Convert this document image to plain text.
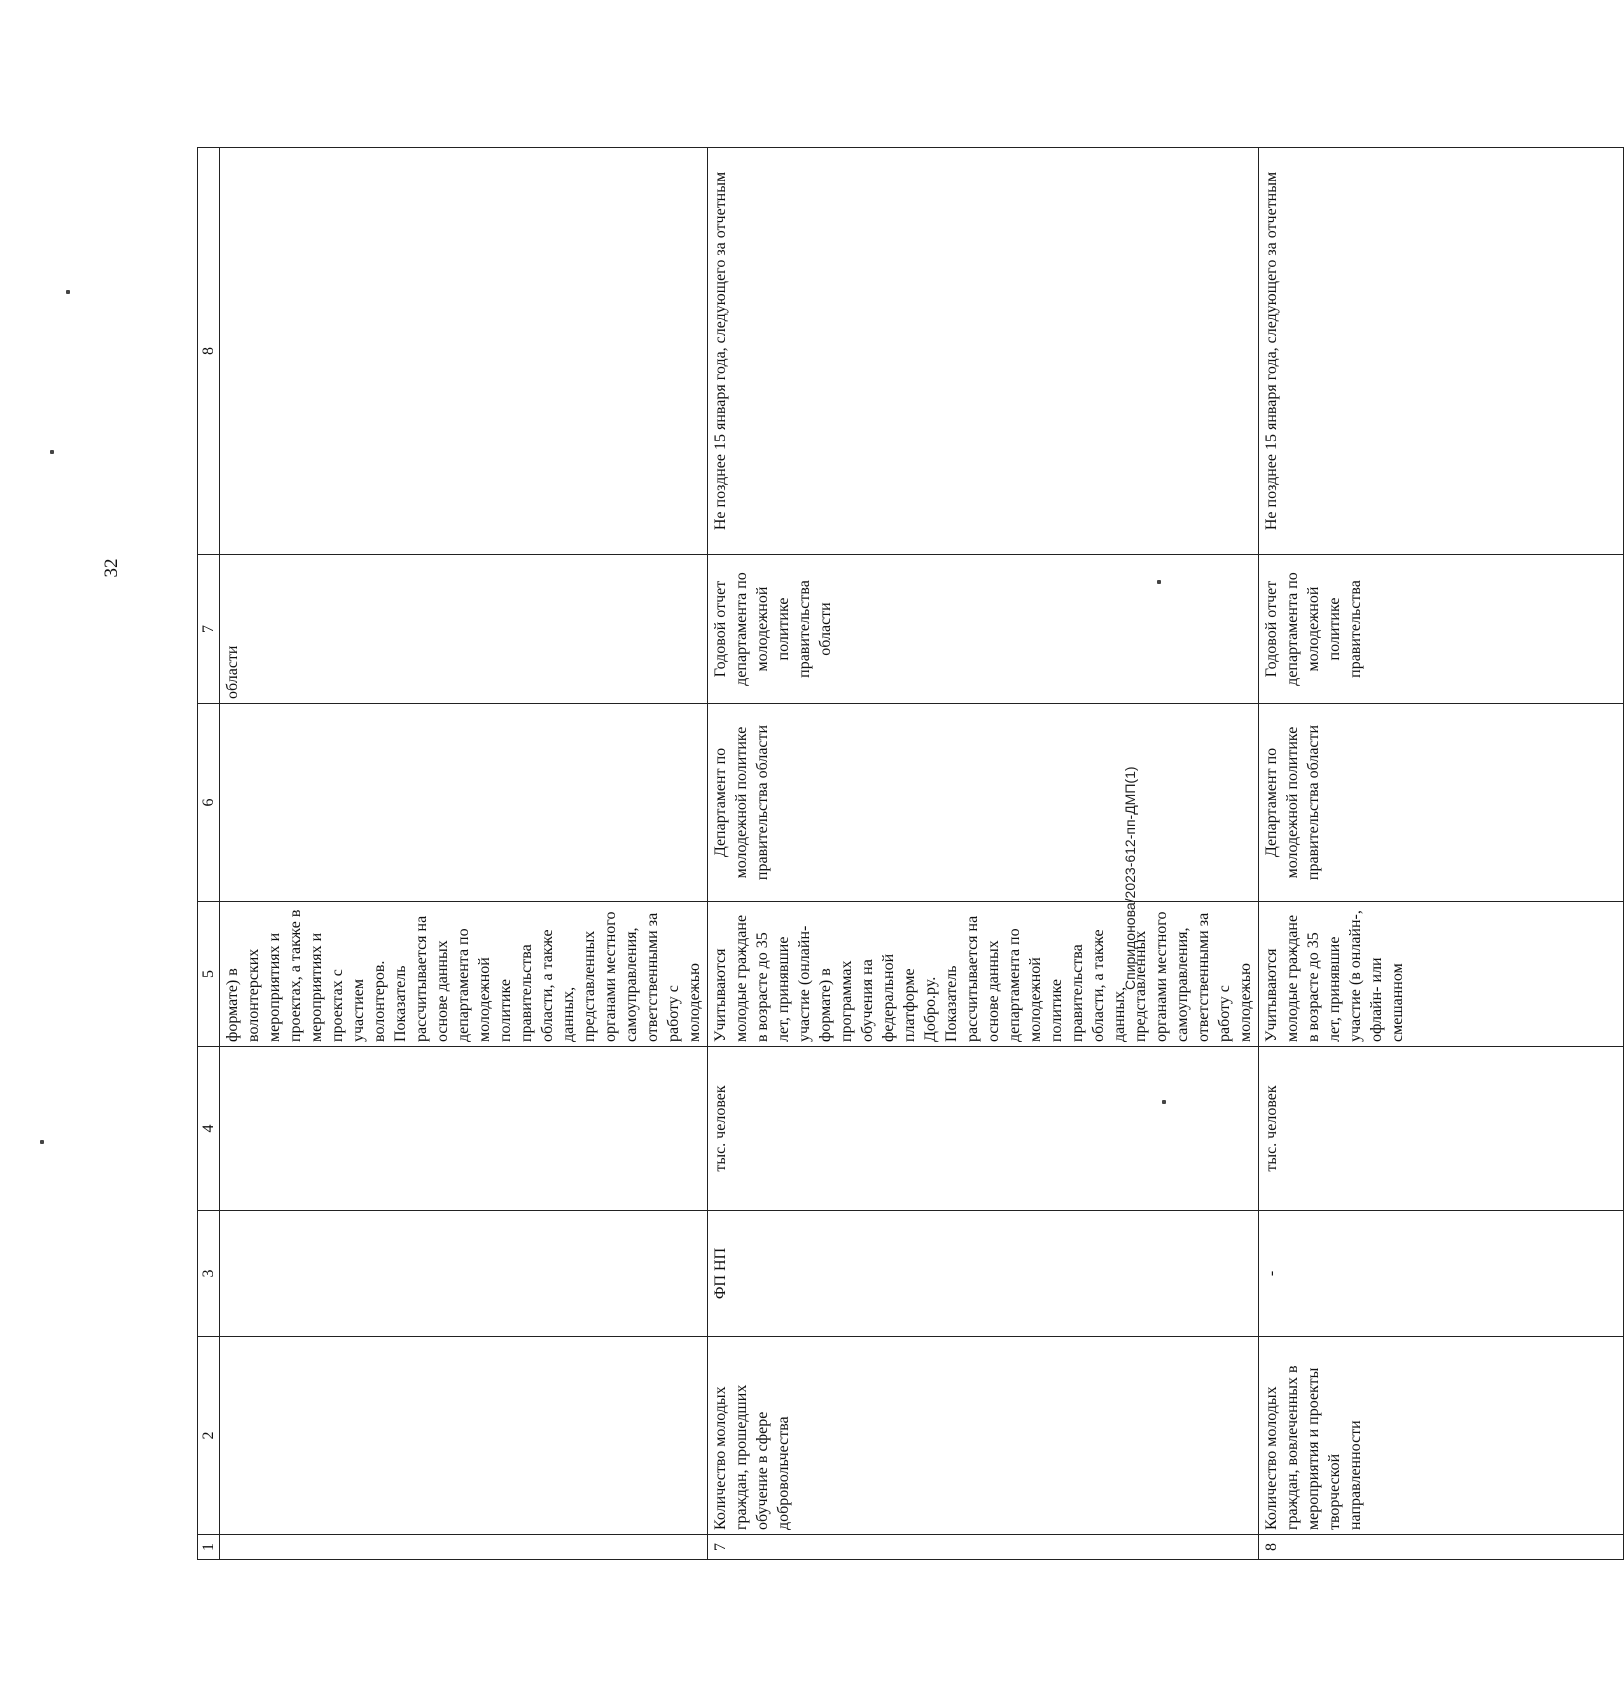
32
1	2	3	4	5	6	7	8
				формате) в волонтерских мероприятиях и проектах, а также в мероприятиях и проектах с участием волонтеров. Показатель рассчитывается на основе данных департамента по молодежной политике правительства области, а также данных, представленных органами местного самоуправления, ответственными за работу с молодежью		области	
7	Количество молодых граждан, прошедших обучение в сфере добровольчества	ФП НП	тыс. человек	Учитываются молодые граждане в возрасте до 35 лет, принявшие участие (онлайн-формате) в программах обучения на федеральной платформе Добро.ру. Показатель рассчитывается на основе данных департамента по молодежной политике правительства области, а также данных, представленных органами местного самоуправления, ответственными за работу с молодежью	Департамент по молодежной политике правительства области	Годовой отчет департамента по молодежной политике правительства области	Не позднее 15 января года, следующего за отчетным
8	Количество молодых граждан, вовлеченных в мероприятия и проекты творческой направленности	-	тыс. человек	Учитываются молодые граждане в возрасте до 35 лет, принявшие участие (в онлайн-, офлайн- или смешанном	Департамент по молодежной политике правительства области	Годовой отчет департамента по молодежной политике правительства	Не позднее 15 января года, следующего за отчетным
Спиридонова/2023-612-пп-ДМП(1)
